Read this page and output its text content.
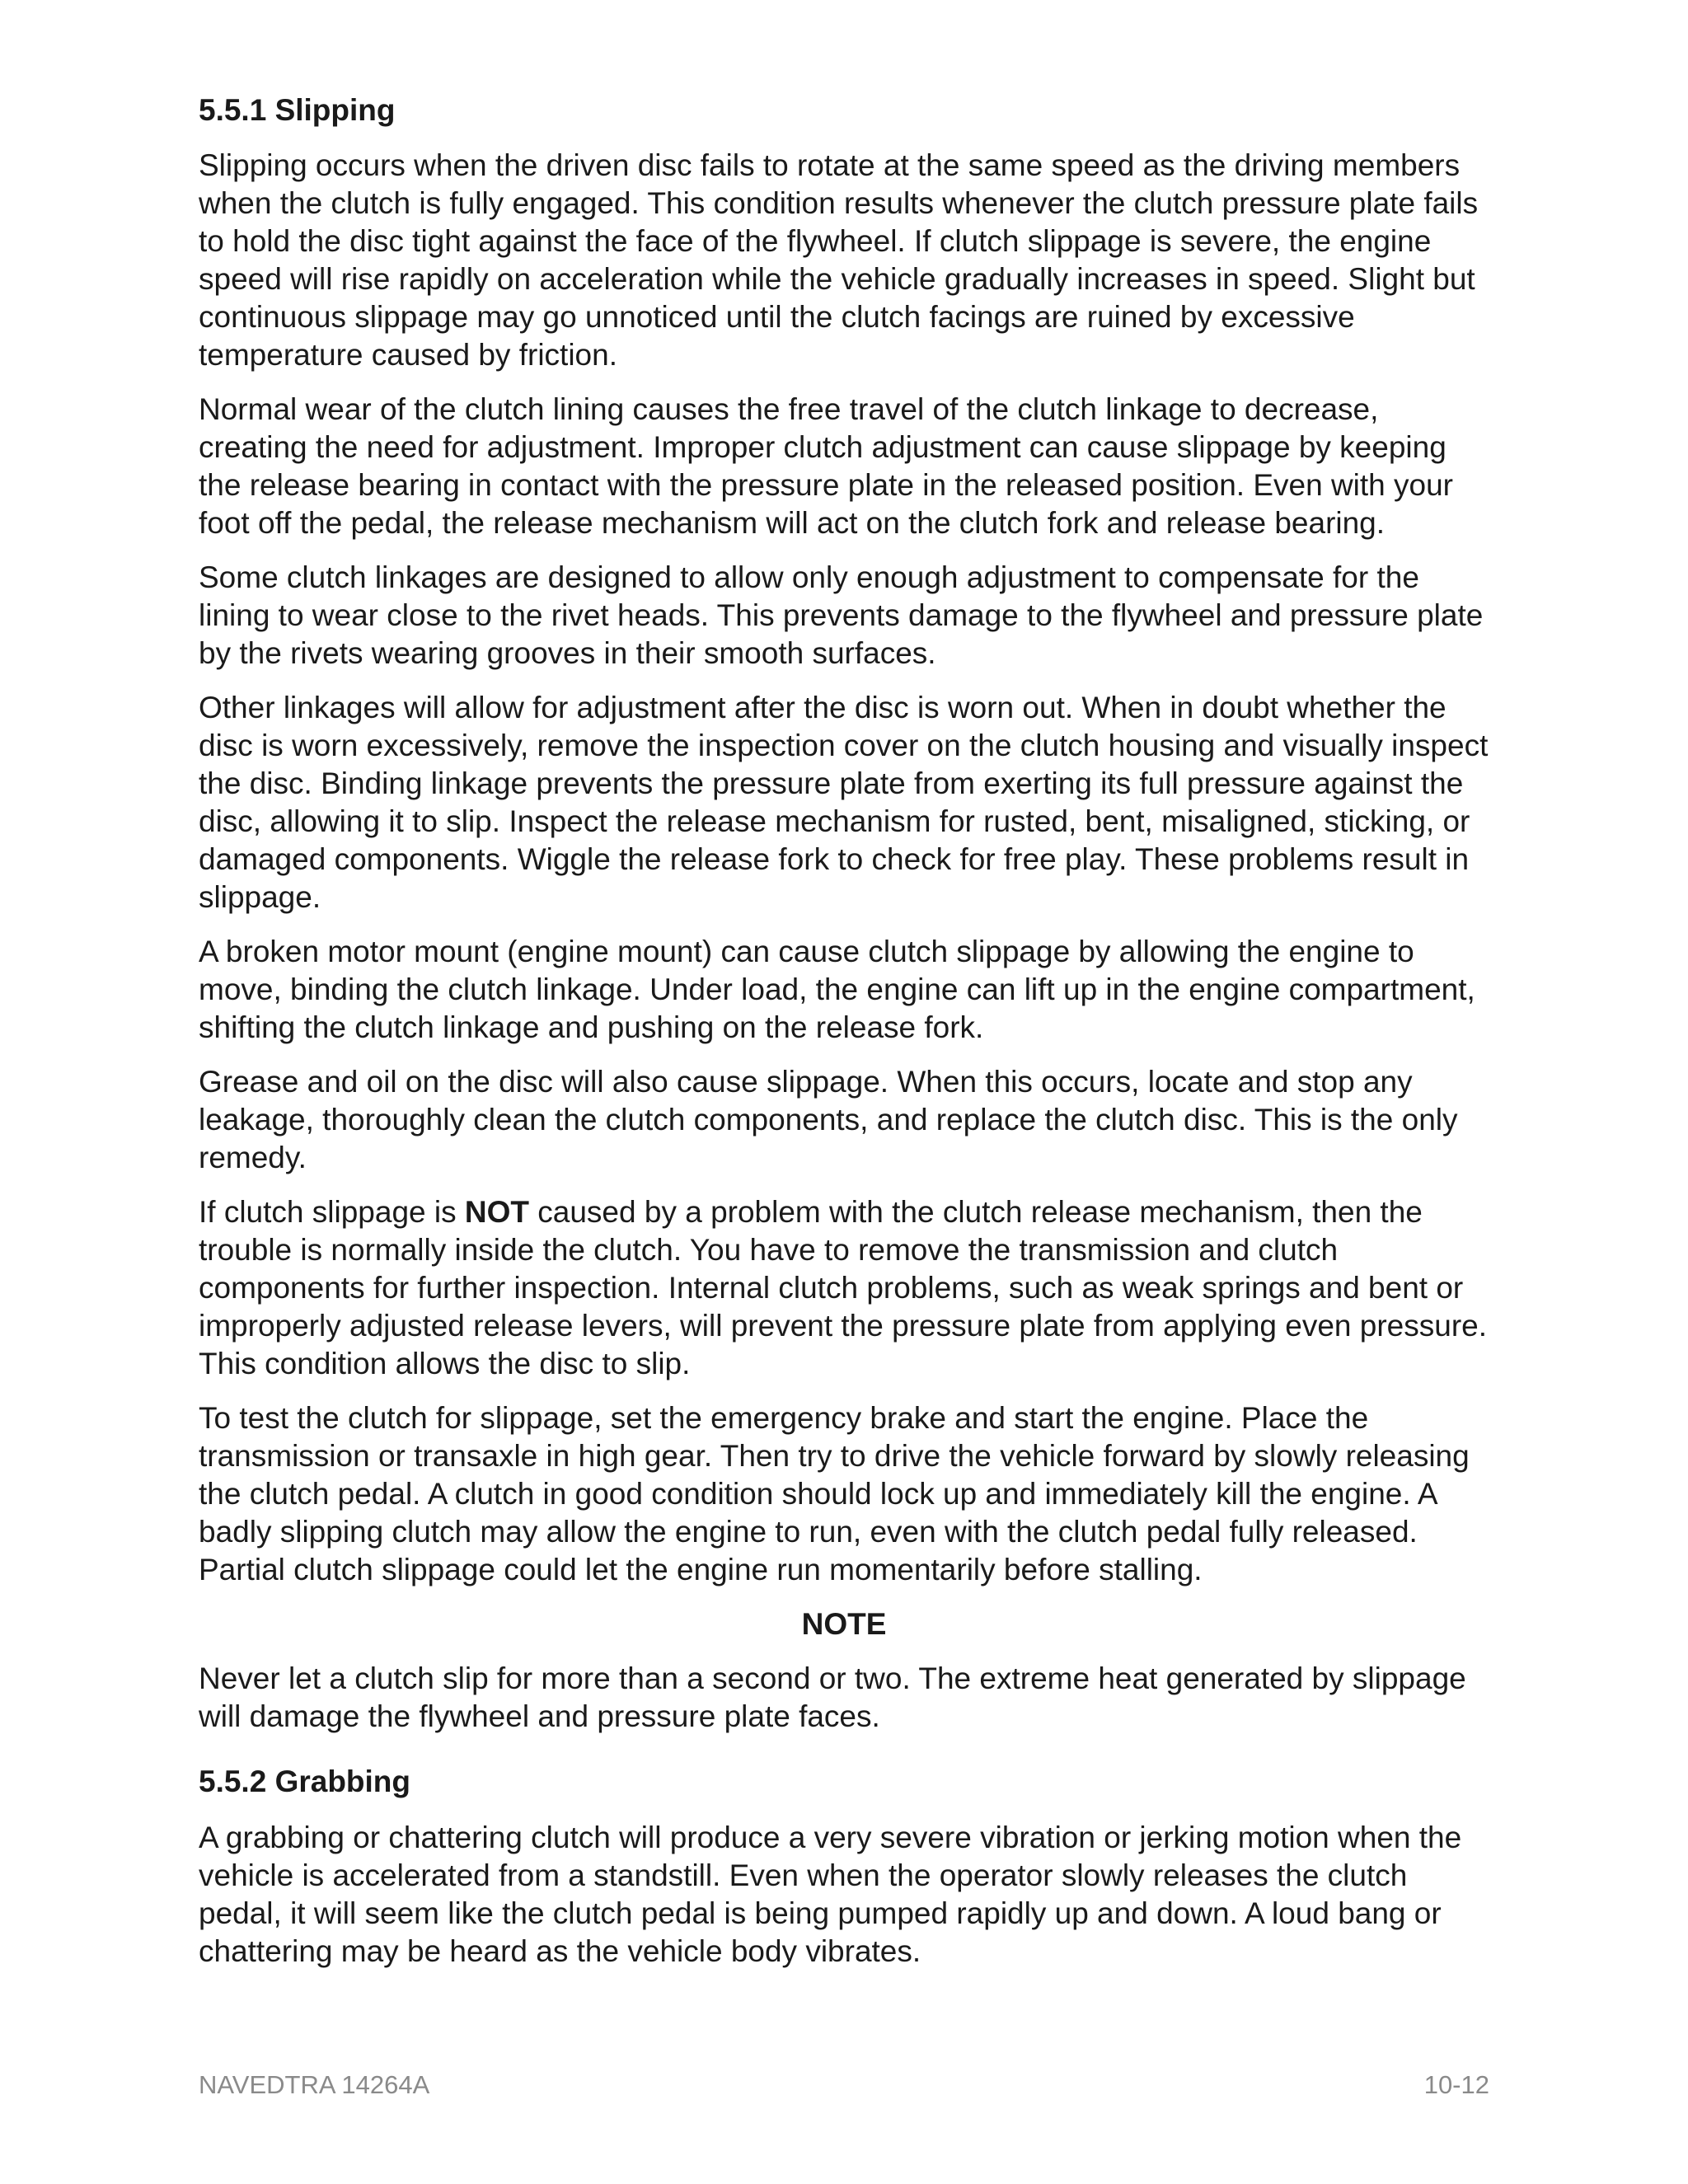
5.5.1 Slipping

Slipping occurs when the driven disc fails to rotate at the same speed as the driving members when the clutch is fully engaged. This condition results whenever the clutch pressure plate fails to hold the disc tight against the face of the flywheel. If clutch slippage is severe, the engine speed will rise rapidly on acceleration while the vehicle gradually increases in speed. Slight but continuous slippage may go unnoticed until the clutch facings are ruined by excessive temperature caused by friction.

Normal wear of the clutch lining causes the free travel of the clutch linkage to decrease, creating the need for adjustment. Improper clutch adjustment can cause slippage by keeping the release bearing in contact with the pressure plate in the released position. Even with your foot off the pedal, the release mechanism will act on the clutch fork and release bearing.

Some clutch linkages are designed to allow only enough adjustment to compensate for the lining to wear close to the rivet heads. This prevents damage to the flywheel and pressure plate by the rivets wearing grooves in their smooth surfaces.

Other linkages will allow for adjustment after the disc is worn out. When in doubt whether the disc is worn excessively, remove the inspection cover on the clutch housing and visually inspect the disc. Binding linkage prevents the pressure plate from exerting its full pressure against the disc, allowing it to slip. Inspect the release mechanism for rusted, bent, misaligned, sticking, or damaged components. Wiggle the release fork to check for free play. These problems result in slippage.

A broken motor mount (engine mount) can cause clutch slippage by allowing the engine to move, binding the clutch linkage. Under load, the engine can lift up in the engine compartment, shifting the clutch linkage and pushing on the release fork.

Grease and oil on the disc will also cause slippage. When this occurs, locate and stop any leakage, thoroughly clean the clutch components, and replace the clutch disc. This is the only remedy.

If clutch slippage is NOT caused by a problem with the clutch release mechanism, then the trouble is normally inside the clutch. You have to remove the transmission and clutch components for further inspection. Internal clutch problems, such as weak springs and bent or improperly adjusted release levers, will prevent the pressure plate from applying even pressure. This condition allows the disc to slip.

To test the clutch for slippage, set the emergency brake and start the engine. Place the transmission or transaxle in high gear. Then try to drive the vehicle forward by slowly releasing the clutch pedal. A clutch in good condition should lock up and immediately kill the engine. A badly slipping clutch may allow the engine to run, even with the clutch pedal fully released. Partial clutch slippage could let the engine run momentarily before stalling.

NOTE

Never let a clutch slip for more than a second or two. The extreme heat generated by slippage will damage the flywheel and pressure plate faces.

5.5.2 Grabbing

A grabbing or chattering clutch will produce a very severe vibration or jerking motion when the vehicle is accelerated from a standstill. Even when the operator slowly releases the clutch pedal, it will seem like the clutch pedal is being pumped rapidly up and down. A loud bang or chattering may be heard as the vehicle body vibrates.

NAVEDTRA 14264A	10-12
